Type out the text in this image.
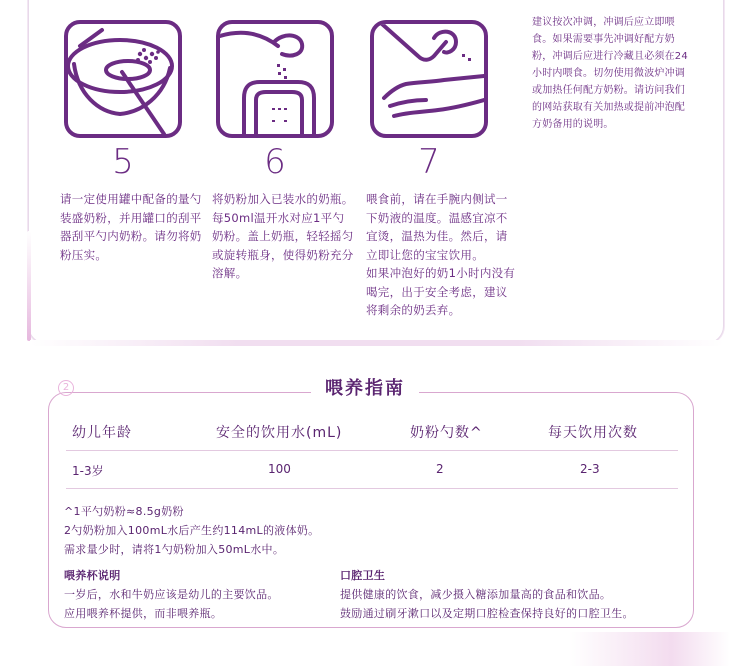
5
请一定使用罐中配备的量勺装盛奶粉，并用罐口的刮平器刮平勺内奶粉。请勿将奶粉压实。
6
将奶粉加入已装水的奶瓶。每50ml温开水对应1平勺奶粉。盖上奶瓶，轻轻摇匀或旋转瓶身，使得奶粉充分溶解。
7
喂食前，请在手腕内侧试一下奶液的温度。温感宜凉不宜烫，温热为佳。然后，请立即让您的宝宝饮用。
如果冲泡好的奶1小时内没有喝完，出于安全考虑，建议将剩余的奶丢弃。
建议按次冲调，冲调后应立即喂食。如果需要事先冲调好配方奶粉，冲调后应进行冷藏且必须在24小时内喂食。切勿使用微波炉冲调或加热任何配方奶粉。请访问我们的网站获取有关加热或提前冲泡配方奶备用的说明。
2	喂养指南
幼儿年龄	安全的饮用水(mL)	奶粉勺数^	每天饮用次数
1-3岁	100	2	2-3
^1平勺奶粉≈8.5g奶粉
2勺奶粉加入100mL水后产生约114mL的液体奶。
需求量少时，请将1勺奶粉加入50mL水中。
喂养杯说明
一岁后，水和牛奶应该是幼儿的主要饮品。
应用喂养杯提供，而非喂养瓶。
口腔卫生
提供健康的饮食，减少摄入糖添加量高的食品和饮品。
鼓励通过刷牙漱口以及定期口腔检查保持良好的口腔卫生。
